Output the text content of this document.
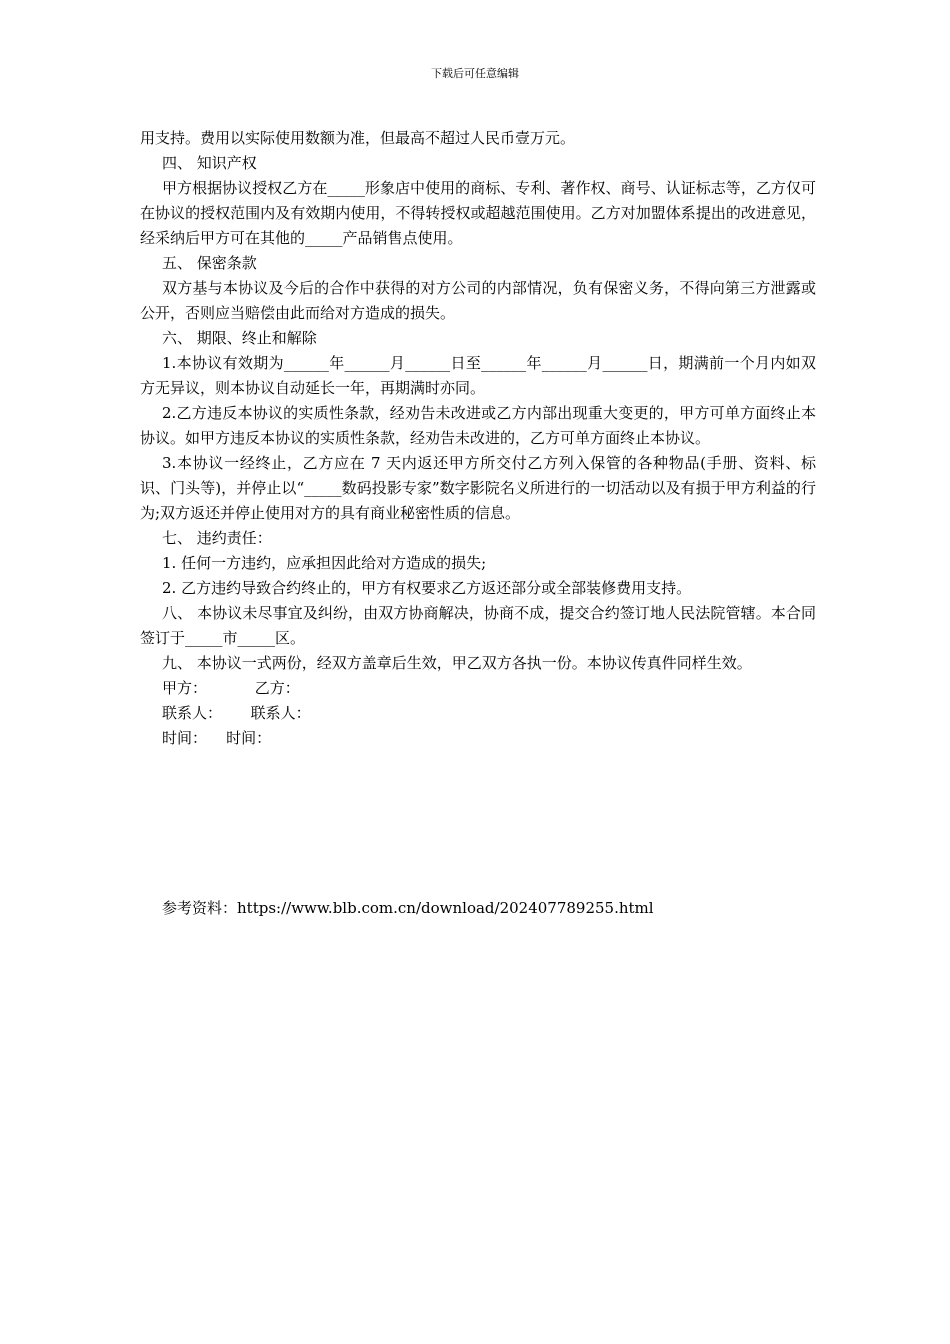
下载后可任意编辑

用支持。费用以实际使用数额为准，但最高不超过人民币壹万元。

四、 知识产权

甲方根据协议授权乙方在_____形象店中使用的商标、专利、著作权、商号、认证标志等，乙方仅可在协议的授权范围内及有效期内使用，不得转授权或超越范围使用。乙方对加盟体系提出的改进意见，经采纳后甲方可在其他的_____产品销售点使用。

五、 保密条款

双方基与本协议及今后的合作中获得的对方公司的内部情况，负有保密义务，不得向第三方泄露或公开，否则应当赔偿由此而给对方造成的损失。

六、 期限、终止和解除

1.本协议有效期为______年______月______日至______年______月______日，期满前一个月内如双方无异议，则本协议自动延长一年，再期满时亦同。

2.乙方违反本协议的实质性条款，经劝告未改进或乙方内部出现重大变更的，甲方可单方面终止本协议。如甲方违反本协议的实质性条款，经劝告未改进的，乙方可单方面终止本协议。

3.本协议一经终止，乙方应在 7 天内返还甲方所交付乙方列入保管的各种物品(手册、资料、标识、门头等)，并停止以“_____数码投影专家”数字影院名义所进行的一切活动以及有损于甲方利益的行为;双方返还并停止使用对方的具有商业秘密性质的信息。

七、 违约责任：

1. 任何一方违约，应承担因此给对方造成的损失;

2. 乙方违约导致合约终止的，甲方有权要求乙方返还部分或全部装修费用支持。

八、 本协议未尽事宜及纠纷，由双方协商解决，协商不成，提交合约签订地人民法院管辖。本合同签订于_____市_____区。

九、 本协议一式两份，经双方盖章后生效，甲乙双方各执一份。本协议传真件同样生效。

甲方：	乙方：
联系人： 联系人：
时间： 时间：
参考资料：https://www.blb.com.cn/download/202407789255.html
